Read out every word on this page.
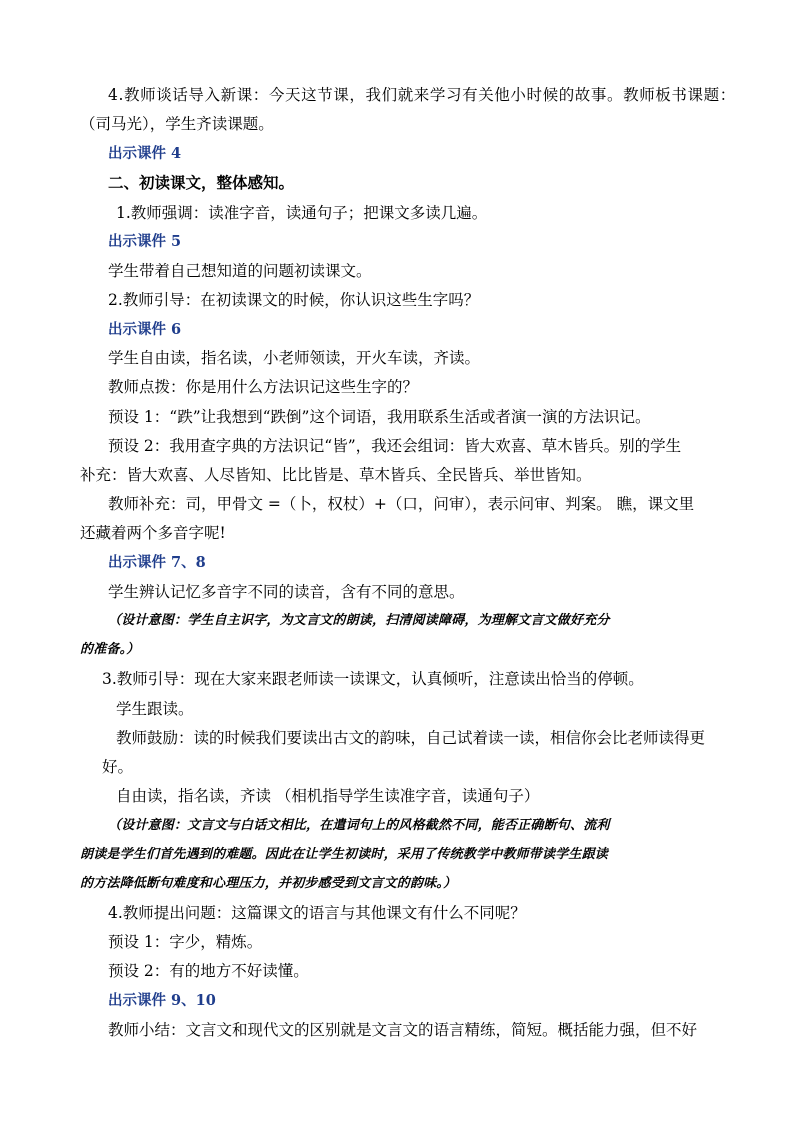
4.教师谈话导入新课：今天这节课，我们就来学习有关他小时候的故事。教师板书课题：
（司马光），学生齐读课题。
出示课件 4
二、初读课文，整体感知。
1.教师强调：读准字音，读通句子；把课文多读几遍。
出示课件 5
学生带着自己想知道的问题初读课文。
2.教师引导：在初读课文的时候，你认识这些生字吗？
出示课件 6
学生自由读，指名读，小老师领读，开火车读，齐读。
教师点拨：你是用什么方法识记这些生字的？
预设 1：“跌”让我想到“跌倒”这个词语，我用联系生活或者演一演的方法识记。
预设 2：我用查字典的方法识记“皆”，我还会组词：皆大欢喜、草木皆兵。别的学生
补充：皆大欢喜、人尽皆知、比比皆是、草木皆兵、全民皆兵、举世皆知。
教师补充：司，甲骨文 =（卜，权杖）+（口，问审），表示问审、判案。 瞧，课文里
还藏着两个多音字呢!
出示课件 7、8
学生辨认记忆多音字不同的读音，含有不同的意思。
（设计意图：学生自主识字，为文言文的朗读，扫清阅读障碍，为理解文言文做好充分
的准备。）
3.教师引导：现在大家来跟老师读一读课文，认真倾听，注意读出恰当的停顿。
学生跟读。
教师鼓励：读的时候我们要读出古文的韵味，自己试着读一读，相信你会比老师读得更
好。
自由读，指名读，齐读 （相机指导学生读准字音，读通句子）
（设计意图：文言文与白话文相比，在遣词句上的风格截然不同，能否正确断句、流利
朗读是学生们首先遇到的难题。因此在让学生初读时，采用了传统教学中教师带读学生跟读
的方法降低断句难度和心理压力，并初步感受到文言文的韵味。）
4.教师提出问题：这篇课文的语言与其他课文有什么不同呢？
预设 1：字少，精炼。
预设 2：有的地方不好读懂。
出示课件 9、10
教师小结：文言文和现代文的区别就是文言文的语言精练，简短。概括能力强，但不好
